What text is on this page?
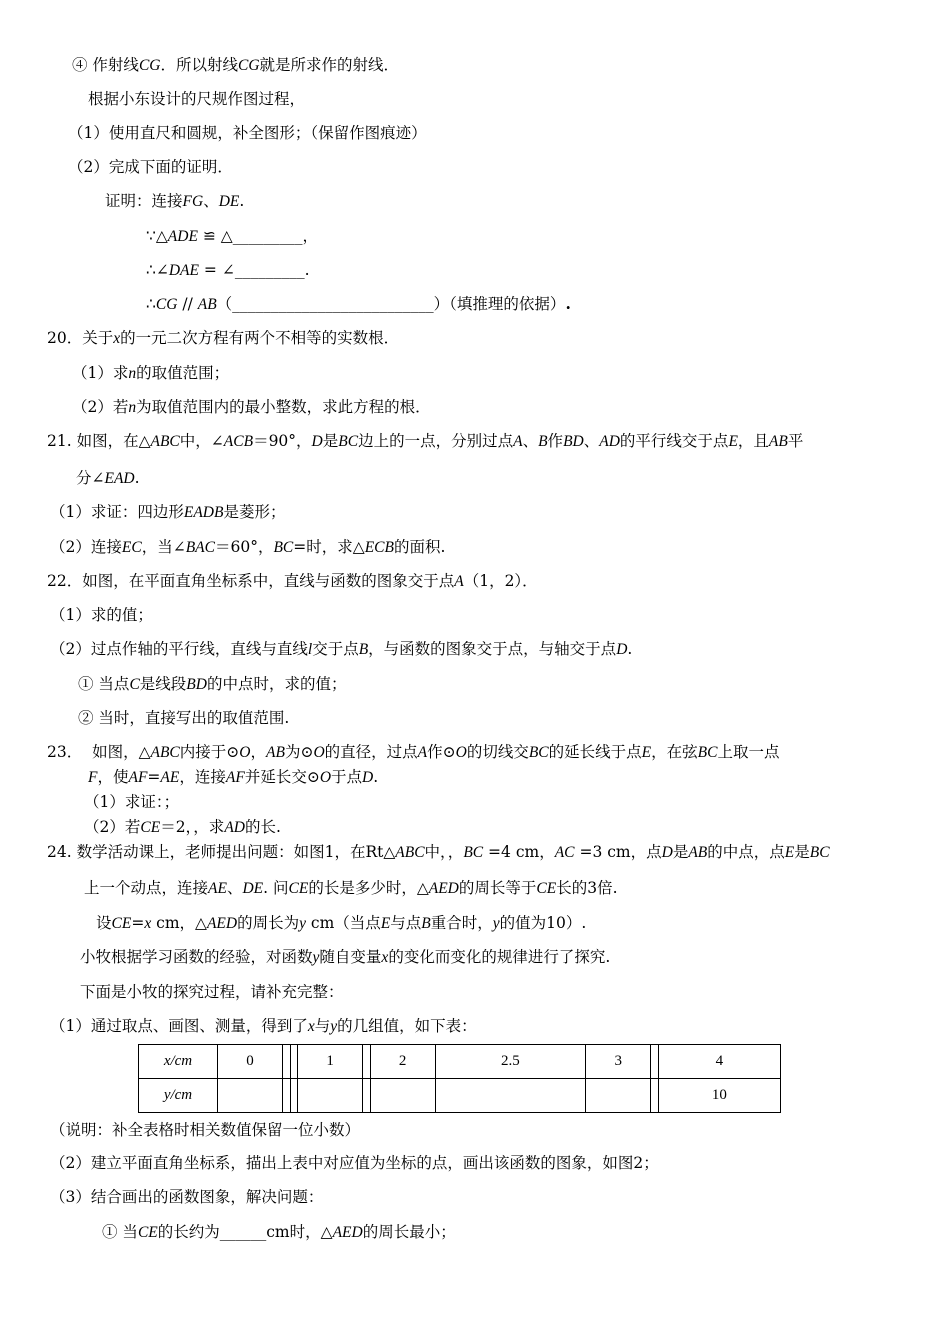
④ 作射线CG．所以射线CG就是所求作的射线．
根据小东设计的尺规作图过程，
（1）使用直尺和圆规，补全图形；（保留作图痕迹）
（2）完成下面的证明．
证明：连接FG、DE.
∵△ADE ≌ △_________，
∴∠DAE = ∠_________.
∴CG // AB（__________________________）（填推理的依据）.
20．关于x的一元二次方程有两个不相等的实数根．
（1）求n的取值范围；
（2）若n为取值范围内的最小整数，求此方程的根．
21. 如图，在△ABC中，∠ACB＝90°，D是BC边上的一点，分别过点A、B作BD、AD的平行线交于点E，且AB平
分∠EAD.
（1）求证：四边形EADB是菱形；
（2）连接EC，当∠BAC＝60°，BC=时，求△ECB的面积.
22．如图，在平面直角坐标系中，直线与函数的图象交于点A（1，2）．
（1）求的值；
（2）过点作轴的平行线，直线与直线l交于点B，与函数的图象交于点，与轴交于点D.
① 当点C是线段BD的中点时，求的值；
② 当时，直接写出的取值范围.
23．  如图，△ABC内接于⊙O，AB为⊙O的直径，过点A作⊙O的切线交BC的延长线于点E，在弦BC上取一点
F，使AF=AE，连接AF并延长交⊙O于点D.
（1）求证：；
（2）若CE＝2，，求AD的长.
24. 数学活动课上，老师提出问题：如图1，在Rt△ABC中，，BC =4 cm，AC =3 cm，点D是AB的中点，点E是BC
上一个动点，连接AE、DE. 问CE的长是多少时，△AED的周长等于CE长的3倍.
设CE=x cm，△AED的周长为y cm（当点E与点B重合时，y的值为10）.
小牧根据学习函数的经验，对函数y随自变量x的变化而变化的规律进行了探究.
下面是小牧的探究过程，请补充完整：
（1）通过取点、画图、测量，得到了x与y的几组值，如下表：
x/cm	0			1		2	2.5	3		4
y/cm										10
（说明：补全表格时相关数值保留一位小数）
（2）建立平面直角坐标系，描出上表中对应值为坐标的点，画出该函数的图象，如图2；
（3）结合画出的函数图象，解决问题：
① 当CE的长约为______cm时，△AED的周长最小；
